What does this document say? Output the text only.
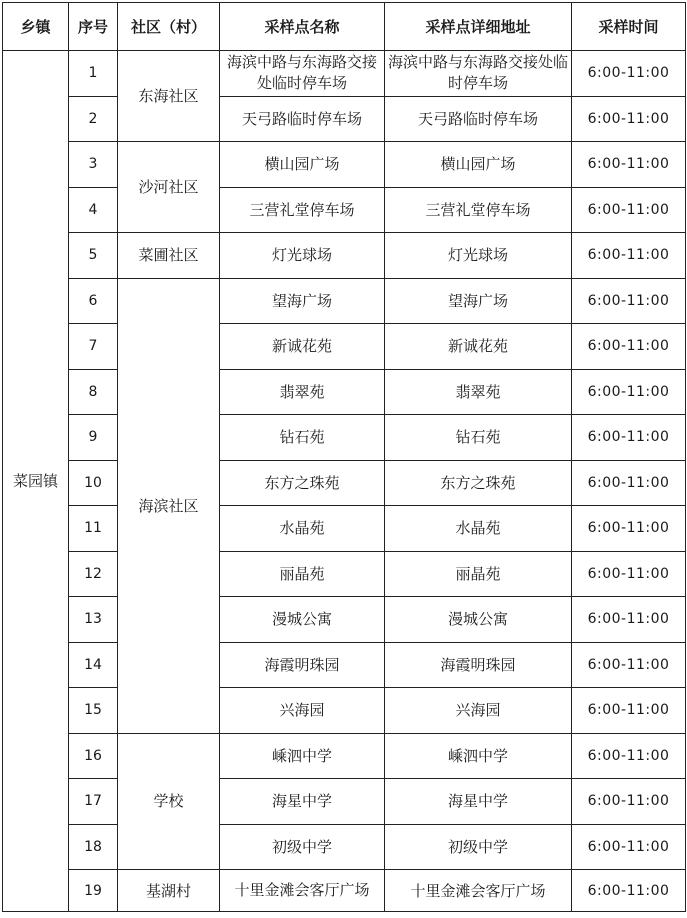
乡镇	序号	社区（村）	采样点名称	采样点详细地址	采样时间
菜园镇	1	东海社区	海滨中路与东海路交接处临时停车场	海滨中路与东海路交接处临时停车场	6:00-11:00
	2		天弓路临时停车场	天弓路临时停车场	6:00-11:00
	3	沙河社区	横山园广场	横山园广场	6:00-11:00
	4		三营礼堂停车场	三营礼堂停车场	6:00-11:00
	5	菜圃社区	灯光球场	灯光球场	6:00-11:00
	6	海滨社区	望海广场	望海广场	6:00-11:00
	7		新诚花苑	新诚花苑	6:00-11:00
	8		翡翠苑	翡翠苑	6:00-11:00
	9		钻石苑	钻石苑	6:00-11:00
	10		东方之珠苑	东方之珠苑	6:00-11:00
	11		水晶苑	水晶苑	6:00-11:00
	12		丽晶苑	丽晶苑	6:00-11:00
	13		漫城公寓	漫城公寓	6:00-11:00
	14		海霞明珠园	海霞明珠园	6:00-11:00
	15		兴海园	兴海园	6:00-11:00
	16	学校	嵊泗中学	嵊泗中学	6:00-11:00
	17		海星中学	海星中学	6:00-11:00
	18		初级中学	初级中学	6:00-11:00
	19	基湖村	十里金滩会客厅广场	十里金滩会客厅广场	6:00-11:00
